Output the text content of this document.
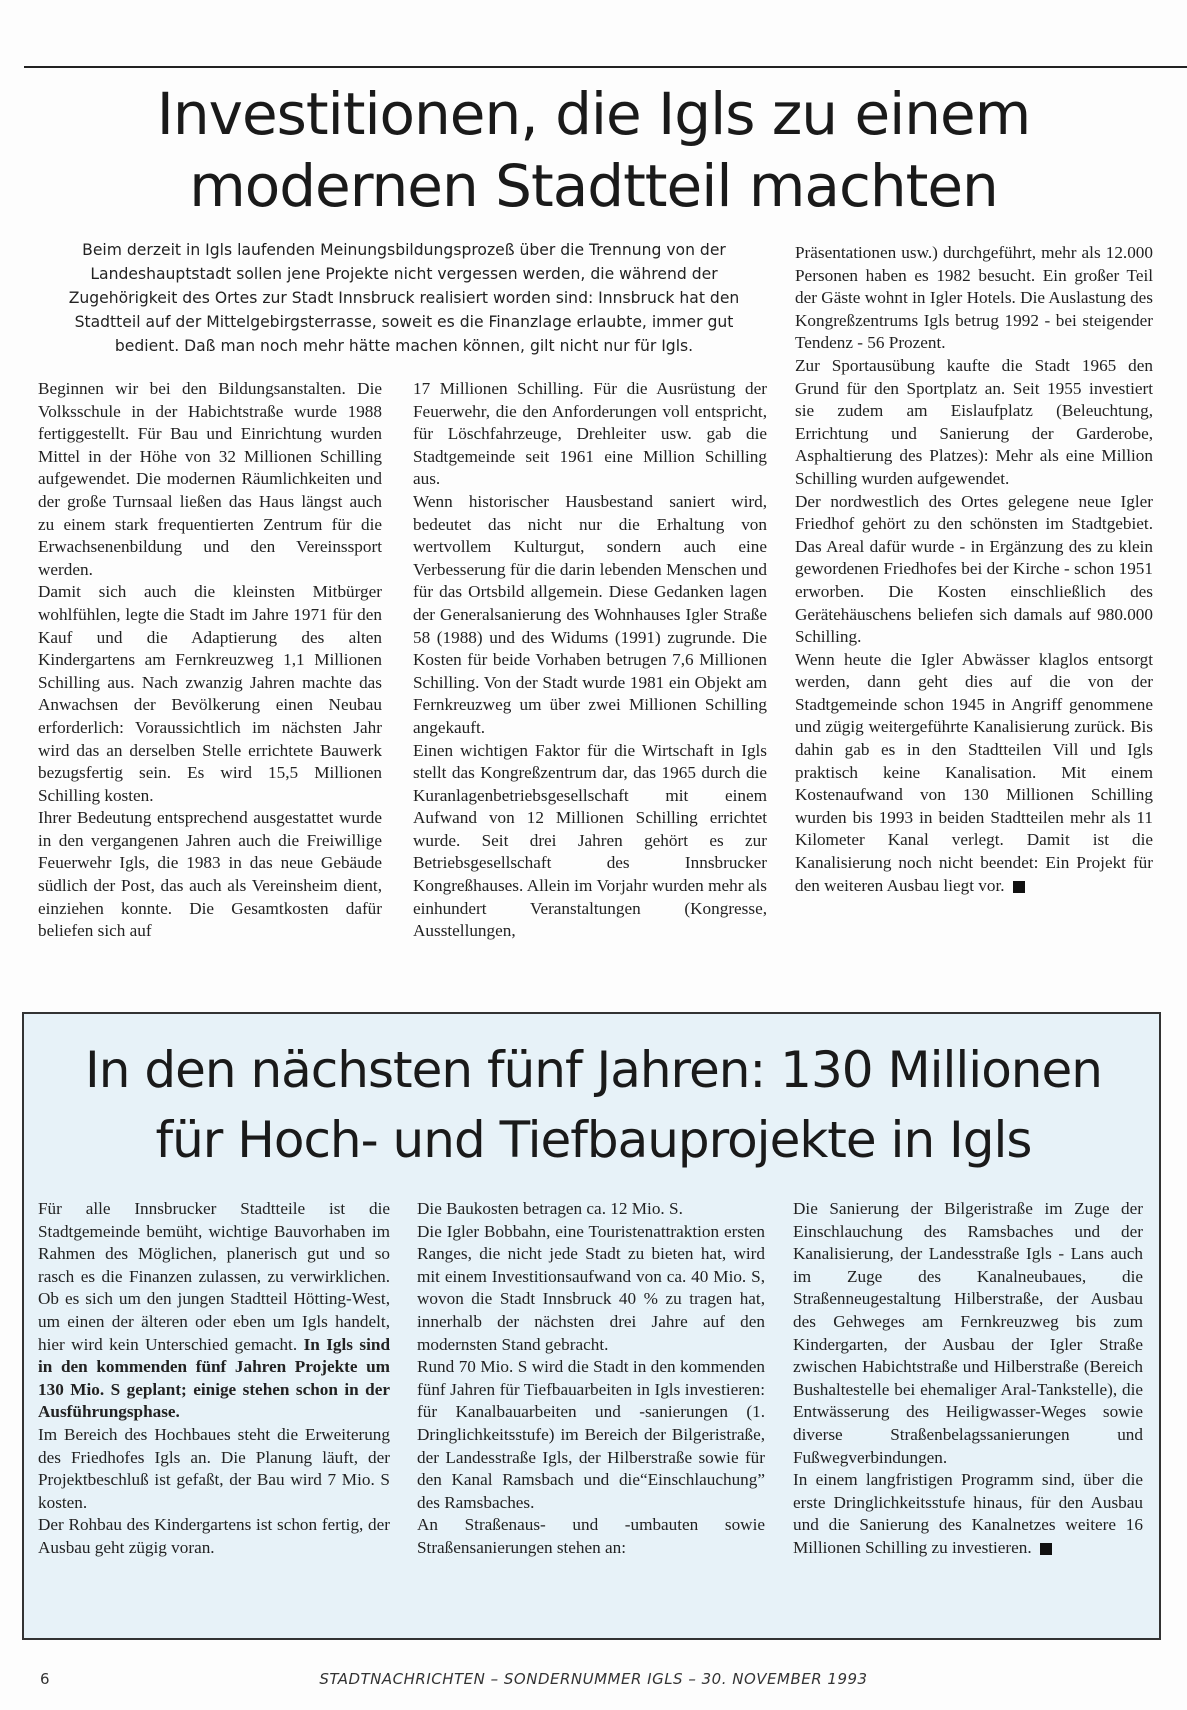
Investitionen, die Igls zu einem
modernen Stadtteil machten
Beim derzeit in Igls laufenden Meinungsbildungsprozeß über die Trennung von der Landeshauptstadt sollen jene Projekte nicht vergessen werden, die während der Zugehörigkeit des Ortes zur Stadt Innsbruck realisiert worden sind: Innsbruck hat den Stadtteil auf der Mittelgebirgsterrasse, soweit es die Finanzlage erlaubte, immer gut bedient. Daß man noch mehr hätte machen können, gilt nicht nur für Igls.

Beginnen wir bei den Bildungsanstalten. Die Volksschule in der Habichtstraße wurde 1988 fertiggestellt. Für Bau und Einrichtung wurden Mittel in der Höhe von 32 Millionen Schilling aufgewendet. Die modernen Räumlichkeiten und der große Turnsaal ließen das Haus längst auch zu einem stark frequentierten Zentrum für die Erwachsenenbildung und den Vereinssport werden.

Damit sich auch die kleinsten Mitbürger wohlfühlen, legte die Stadt im Jahre 1971 für den Kauf und die Adaptierung des alten Kindergartens am Fernkreuzweg 1,1 Millionen Schilling aus. Nach zwanzig Jahren machte das Anwachsen der Bevölkerung einen Neubau erforderlich: Voraussichtlich im nächsten Jahr wird das an derselben Stelle errichtete Bauwerk bezugsfertig sein. Es wird 15,5 Millionen Schilling kosten.

Ihrer Bedeutung entsprechend ausgestattet wurde in den vergangenen Jahren auch die Freiwillige Feuerwehr Igls, die 1983 in das neue Gebäude südlich der Post, das auch als Vereinsheim dient, einziehen konnte. Die Gesamtkosten dafür beliefen sich auf

17 Millionen Schilling. Für die Ausrüstung der Feuerwehr, die den Anforderungen voll entspricht, für Löschfahrzeuge, Drehleiter usw. gab die Stadtgemeinde seit 1961 eine Million Schilling aus.

Wenn historischer Hausbestand saniert wird, bedeutet das nicht nur die Erhaltung von wertvollem Kulturgut, sondern auch eine Verbesserung für die darin lebenden Menschen und für das Ortsbild allgemein. Diese Gedanken lagen der Generalsanierung des Wohnhauses Igler Straße 58 (1988) und des Widums (1991) zugrunde. Die Kosten für beide Vorhaben betrugen 7,6 Millionen Schilling. Von der Stadt wurde 1981 ein Objekt am Fernkreuzweg um über zwei Millionen Schilling angekauft.

Einen wichtigen Faktor für die Wirtschaft in Igls stellt das Kongreßzentrum dar, das 1965 durch die Kuranlagenbetriebsgesellschaft mit einem Aufwand von 12 Millionen Schilling errichtet wurde. Seit drei Jahren gehört es zur Betriebsgesellschaft des Innsbrucker Kongreßhauses. Allein im Vorjahr wurden mehr als einhundert Veranstaltungen (Kongresse, Ausstellungen,

Präsentationen usw.) durchgeführt, mehr als 12.000 Personen haben es 1982 besucht. Ein großer Teil der Gäste wohnt in Igler Hotels. Die Auslastung des Kongreßzentrums Igls betrug 1992 - bei steigender Tendenz - 56 Prozent.

Zur Sportausübung kaufte die Stadt 1965 den Grund für den Sportplatz an. Seit 1955 investiert sie zudem am Eislaufplatz (Beleuchtung, Errichtung und Sanierung der Garderobe, Asphaltierung des Platzes): Mehr als eine Million Schilling wurden aufgewendet.

Der nordwestlich des Ortes gelegene neue Igler Friedhof gehört zu den schönsten im Stadtgebiet. Das Areal dafür wurde - in Ergänzung des zu klein gewordenen Friedhofes bei der Kirche - schon 1951 erworben. Die Kosten einschließlich des Gerätehäuschens beliefen sich damals auf 980.000 Schilling.

Wenn heute die Igler Abwässer klaglos entsorgt werden, dann geht dies auf die von der Stadtgemeinde schon 1945 in Angriff genommene und zügig weitergeführte Kanalisierung zurück. Bis dahin gab es in den Stadtteilen Vill und Igls praktisch keine Kanalisation. Mit einem Kostenaufwand von 130 Millionen Schilling wurden bis 1993 in beiden Stadtteilen mehr als 11 Kilometer Kanal verlegt. Damit ist die Kanalisierung noch nicht beendet: Ein Projekt für den weiteren Ausbau liegt vor.

In den nächsten fünf Jahren: 130 Millionen
für Hoch- und Tiefbauprojekte in Igls

Für alle Innsbrucker Stadtteile ist die Stadtgemeinde bemüht, wichtige Bauvorhaben im Rahmen des Möglichen, planerisch gut und so rasch es die Finanzen zulassen, zu verwirklichen. Ob es sich um den jungen Stadtteil Hötting-West, um einen der älteren oder eben um Igls handelt, hier wird kein Unterschied gemacht. In Igls sind in den kommenden fünf Jahren Projekte um 130 Mio. S geplant; einige stehen schon in der Ausführungsphase.

Im Bereich des Hochbaues steht die Erweiterung des Friedhofes Igls an. Die Planung läuft, der Projektbeschluß ist gefaßt, der Bau wird 7 Mio. S kosten.

Der Rohbau des Kindergartens ist schon fertig, der Ausbau geht zügig voran.

Die Baukosten betragen ca. 12 Mio. S.

Die Igler Bobbahn, eine Touristenattraktion ersten Ranges, die nicht jede Stadt zu bieten hat, wird mit einem Investitionsaufwand von ca. 40 Mio. S, wovon die Stadt Innsbruck 40 % zu tragen hat, innerhalb der nächsten drei Jahre auf den modernsten Stand gebracht.

Rund 70 Mio. S wird die Stadt in den kommenden fünf Jahren für Tiefbauarbeiten in Igls investieren: für Kanalbauarbeiten und -sanierungen (1. Dringlichkeitsstufe) im Bereich der Bilgeristraße, der Landesstraße Igls, der Hilberstraße sowie für den Kanal Ramsbach und die“Einschlauchung” des Ramsbaches.

An Straßenaus- und -umbauten sowie Straßensanierungen stehen an:

Die Sanierung der Bilgeristraße im Zuge der Einschlauchung des Ramsbaches und der Kanalisierung, der Landesstraße Igls - Lans auch im Zuge des Kanalneubaues, die Straßenneugestaltung Hilberstraße, der Ausbau des Gehweges am Fernkreuzweg bis zum Kindergarten, der Ausbau der Igler Straße zwischen Habichtstraße und Hilberstraße (Bereich Bushaltestelle bei ehemaliger Aral-Tankstelle), die Entwässerung des Heiligwasser-Weges sowie diverse Straßenbelagssanierungen und Fußwegverbindungen.

In einem langfristigen Programm sind, über die erste Dringlichkeitsstufe hinaus, für den Ausbau und die Sanierung des Kanalnetzes weitere 16 Millionen Schilling zu investieren.

6	STADTNACHRICHTEN – SONDERNUMMER IGLS – 30. NOVEMBER 1993
